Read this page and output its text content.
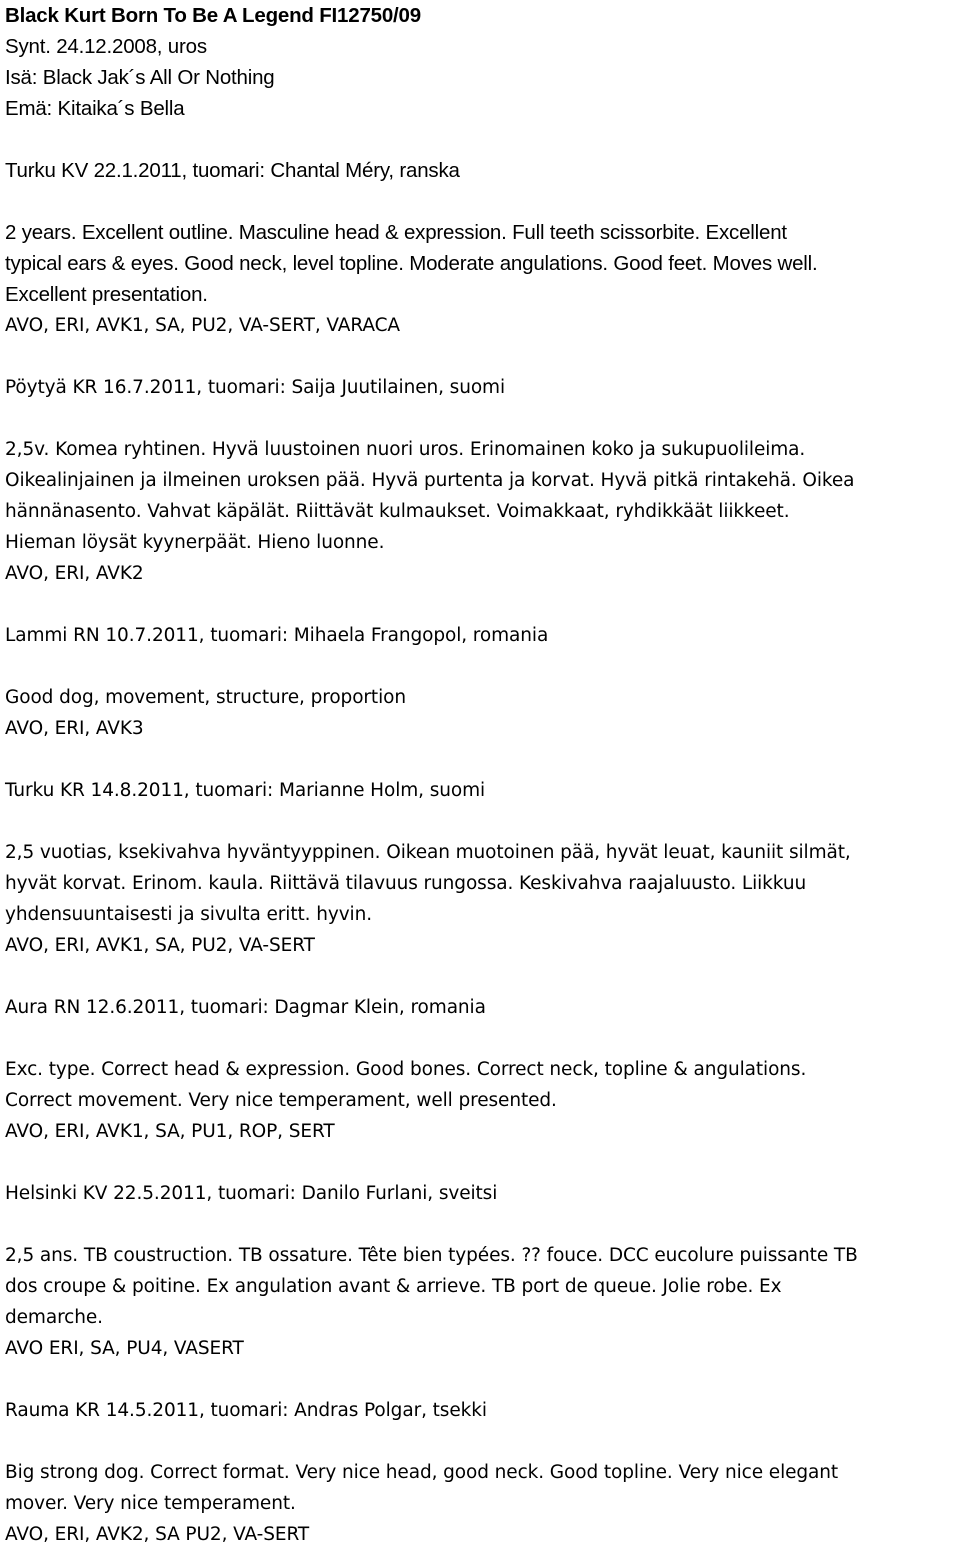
Black Kurt Born To Be A Legend FI12750/09
Synt. 24.12.2008, uros
Isä: Black Jak´s All Or Nothing
Emä: Kitaika´s Bella
Turku KV 22.1.2011, tuomari: Chantal Méry, ranska
2 years. Excellent outline. Masculine head & expression. Full teeth scissorbite. Excellent
typical ears & eyes. Good neck, level topline. Moderate angulations. Good feet. Moves well.
Excellent presentation.
AVO, ERI, AVK1, SA, PU2, VA-SERT, VARACA
Pöytyä KR 16.7.2011, tuomari: Saija Juutilainen, suomi
2,5v. Komea ryhtinen. Hyvä luustoinen nuori uros. Erinomainen koko ja sukupuolileima.
Oikealinjainen ja ilmeinen uroksen pää. Hyvä purtenta ja korvat. Hyvä pitkä rintakehä. Oikea
hännänasento. Vahvat käpälät. Riittävät kulmaukset. Voimakkaat, ryhdikkäät liikkeet.
Hieman löysät kyynerpäät. Hieno luonne.
AVO, ERI, AVK2
Lammi RN 10.7.2011, tuomari: Mihaela Frangopol, romania
Good dog, movement, structure, proportion
AVO, ERI, AVK3
Turku KR 14.8.2011, tuomari: Marianne Holm, suomi
2,5 vuotias, ksekivahva hyväntyyppinen. Oikean muotoinen pää, hyvät leuat, kauniit silmät,
hyvät korvat. Erinom. kaula. Riittävä tilavuus rungossa. Keskivahva raajaluusto. Liikkuu
yhdensuuntaisesti ja sivulta eritt. hyvin.
AVO, ERI, AVK1, SA, PU2, VA-SERT
Aura RN 12.6.2011, tuomari: Dagmar Klein, romania
Exc. type. Correct head & expression. Good bones. Correct neck, topline & angulations.
Correct movement. Very nice temperament, well presented.
AVO, ERI, AVK1, SA, PU1, ROP, SERT
Helsinki KV 22.5.2011, tuomari: Danilo Furlani, sveitsi
2,5 ans. TB coustruction. TB ossature. Tête bien typées. ?? fouce. DCC eucolure puissante TB
dos croupe & poitine. Ex angulation avant & arrieve. TB port de queue. Jolie robe. Ex
demarche.
AVO ERI, SA, PU4, VASERT
Rauma KR 14.5.2011, tuomari: Andras Polgar, tsekki
Big strong dog. Correct format. Very nice head, good neck. Good topline. Very nice elegant
mover. Very nice temperament.
AVO, ERI, AVK2, SA PU2, VA-SERT
